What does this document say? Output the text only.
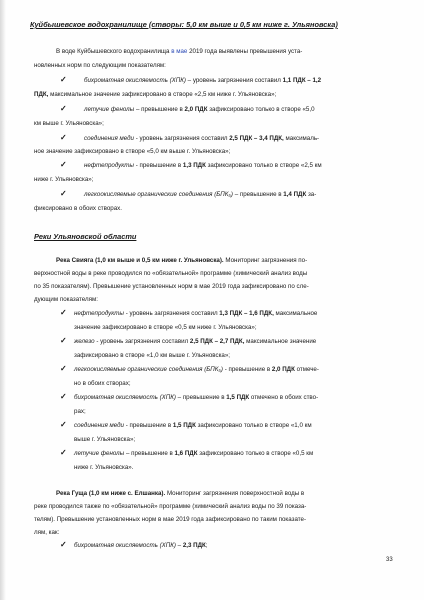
Куйбышевское водохранилище (створы: 5,0 км выше и 0,5 км ниже г. Ульяновска)
В воде Куйбышевского водохранилища в мае 2019 года выявлены превышения уста-
новленных норм по следующим показателям:
✓	бихроматная окисляемость (ХПК) – уровень загрязнения составил 1,1 ПДК – 1,2
ПДК, максимальное значение зафиксировано в створе «2,5 км ниже г. Ульяновска»;
✓	летучие фенолы – превышение в 2,0 ПДК зафиксировано только в створе «5,0
км выше г. Ульяновска»;
✓	соединения меди - уровень загрязнения составил 2,5 ПДК – 3,4 ПДК, максималь-
ное значение зафиксировано в створе «5,0 км выше г. Ульяновска»;
✓	нефтепродукты - превышение в 1,3 ПДК зафиксировано только в створе «2,5 км
ниже г. Ульяновска»;
✓	легкоокисляемые органические соединения (БПК₅) – превышение в 1,4 ПДК за-
фиксировано в обоих створах.
Реки Ульяновской области
Река Свияга (1,0 км выше и 0,5 км ниже г. Ульяновска). Мониторинг загрязнения по-
верхностной воды в реке проводился по «обязательной» программе (химический анализ воды
по 35 показателям). Превышение установленных норм в мае 2019 года зафиксировано по сле-
дующим показателям:
✓ нефтепродукты - уровень загрязнения составил 1,3 ПДК – 1,6 ПДК, максимальное
значение зафиксировано в створе «0,5 км ниже г. Ульяновска»;
✓ железо - уровень загрязнения составил 2,5 ПДК – 2,7 ПДК, максимальное значение
зафиксировано в створе «1,0 км выше г. Ульяновска»;
✓ легкоокисляемые органические соединения (БПК₅) - превышение в 2,0 ПДК отмече-
но в обоих створах;
✓ бихроматная окисляемость (ХПК) – превышение в 1,5 ПДК отмечено в обоих ство-
рах;
✓ соединения меди - превышение в 1,5 ПДК зафиксировано только в створе «1,0 км
выше г. Ульяновска»;
✓ летучие фенолы – превышение в 1,6 ПДК зафиксировано только в створе «0,5 км
ниже г. Ульяновска».
Река Гуща (1,0 км ниже с. Елшанка). Мониторинг загрязнения поверхностной воды в
реке проводился также по «обязательной» программе (химический анализ воды по 39 показа-
телям). Превышение установленных норм в мае 2019 года зафиксировано по таким показате-
лям, как:
✓ бихроматная окисляемость (ХПК) – 2,3 ПДК;
33
